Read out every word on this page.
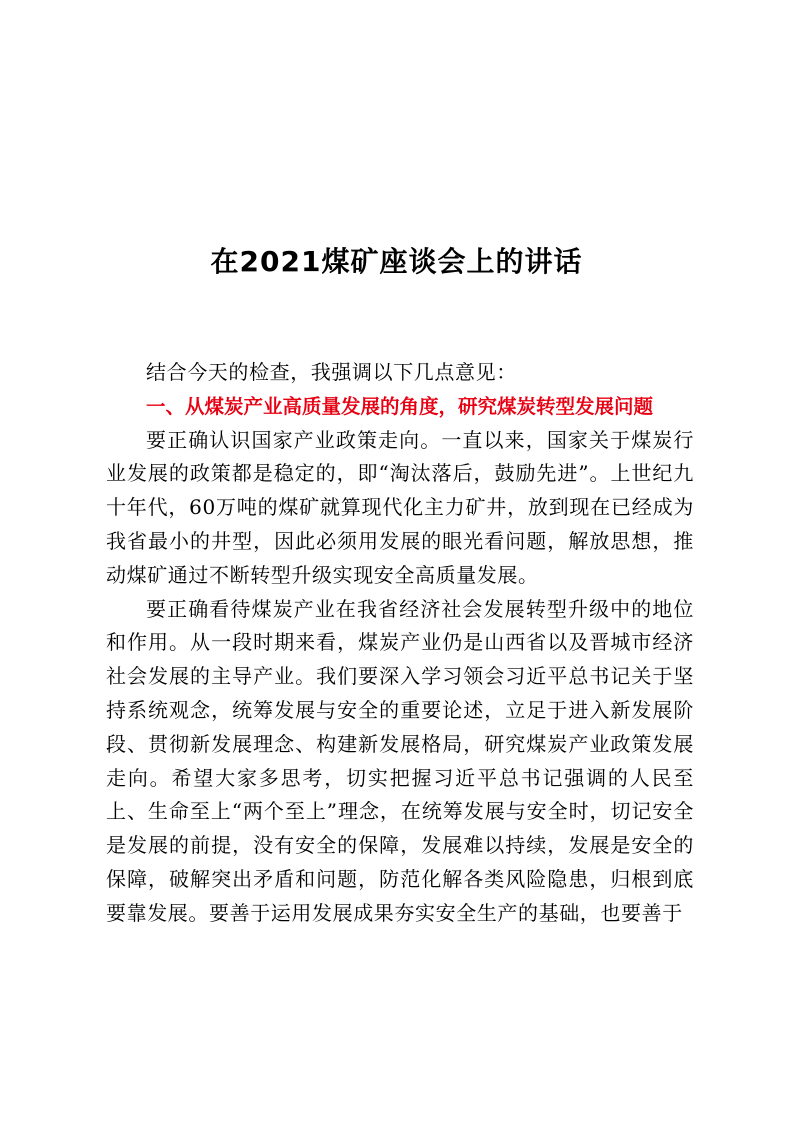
在2021煤矿座谈会上的讲话

结合今天的检查，我强调以下几点意见：

一、从煤炭产业高质量发展的角度，研究煤炭转型发展问题

要正确认识国家产业政策走向。一直以来，国家关于煤炭行业发展的政策都是稳定的，即“淘汰落后，鼓励先进”。上世纪九十年代，60万吨的煤矿就算现代化主力矿井，放到现在已经成为我省最小的井型，因此必须用发展的眼光看问题，解放思想，推动煤矿通过不断转型升级实现安全高质量发展。

要正确看待煤炭产业在我省经济社会发展转型升级中的地位和作用。从一段时期来看，煤炭产业仍是山西省以及晋城市经济社会发展的主导产业。我们要深入学习领会习近平总书记关于坚持系统观念，统筹发展与安全的重要论述，立足于进入新发展阶段、贯彻新发展理念、构建新发展格局，研究煤炭产业政策发展走向。希望大家多思考，切实把握习近平总书记强调的人民至上、生命至上“两个至上”理念，在统筹发展与安全时，切记安全是发展的前提，没有安全的保障，发展难以持续，发展是安全的保障，破解突出矛盾和问题，防范化解各类风险隐患，归根到底要靠发展。要善于运用发展成果夯实安全生产的基础，也要善于
